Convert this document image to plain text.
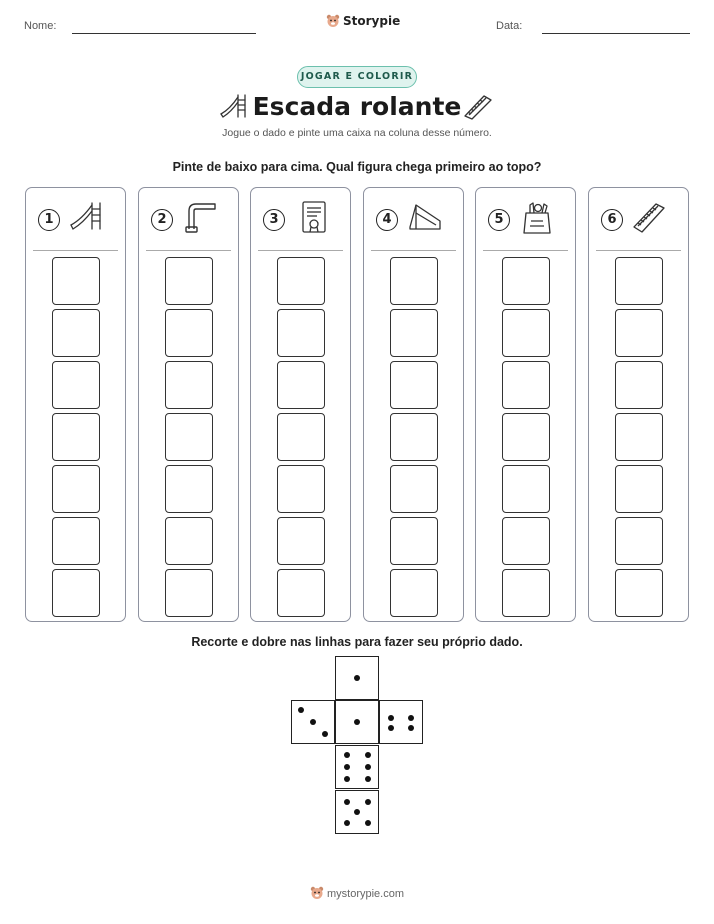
Nome:	Storypie	Data:
JOGAR E COLORIR
Escada rolante
Jogue o dado e pinte uma caixa na coluna desse número.
Pinte de baixo para cima. Qual figura chega primeiro ao topo?
1	2	3	4	5	6
Recorte e dobre nas linhas para fazer seu próprio dado.
mystorypie.com
